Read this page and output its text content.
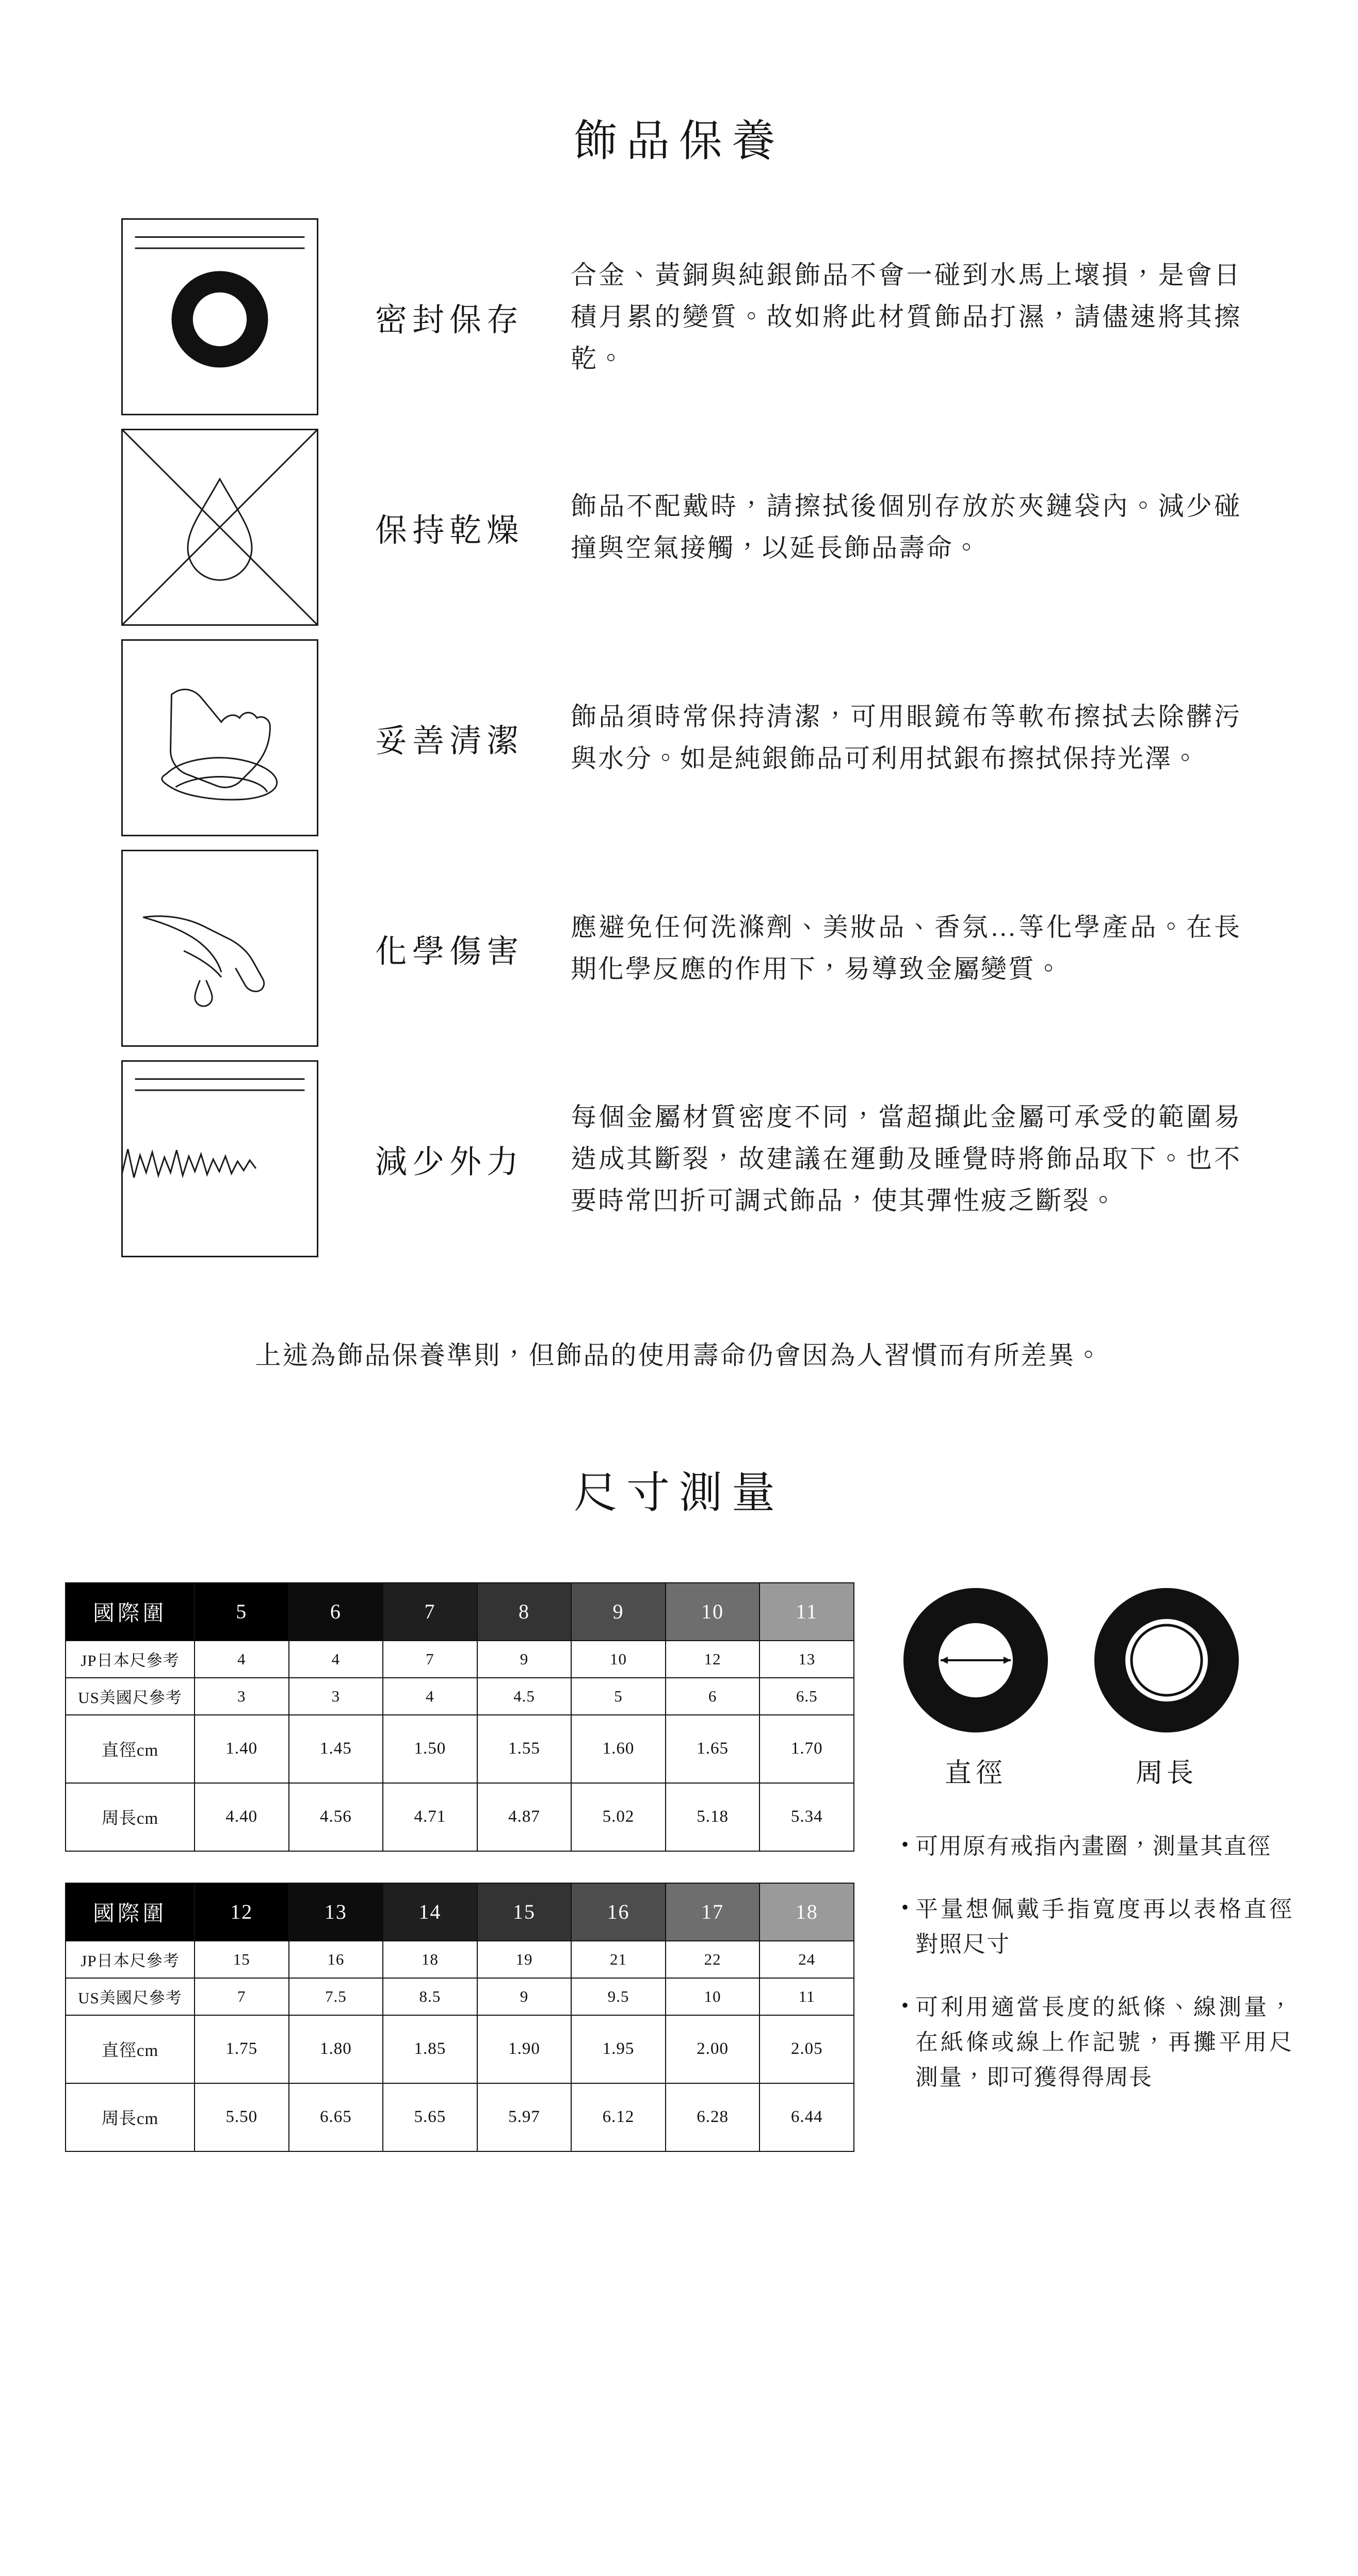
飾品保養
密封保存
合金、黃銅與純銀飾品不會一碰到水馬上壞損，是會日積月累的變質。故如將此材質飾品打濕，請儘速將其擦乾。
保持乾燥
飾品不配戴時，請擦拭後個別存放於夾鏈袋內。減少碰撞與空氣接觸，以延長飾品壽命。
妥善清潔
飾品須時常保持清潔，可用眼鏡布等軟布擦拭去除髒污與水分。如是純銀飾品可利用拭銀布擦拭保持光澤。
化學傷害
應避免任何洗滌劑、美妝品、香氛…等化學產品。在長期化學反應的作用下，易導致金屬變質。
減少外力
每個金屬材質密度不同，當超擷此金屬可承受的範圍易造成其斷裂，故建議在運動及睡覺時將飾品取下。也不要時常凹折可調式飾品，使其彈性疲乏斷裂。
上述為飾品保養準則，但飾品的使用壽命仍會因為人習慣而有所差異。
尺寸測量
國際圍	5	6	7	8	9	10	11
JP日本尺參考	4	4	7	9	10	12	13
US美國尺參考	3	3	4	4.5	5	6	6.5
直徑cm	1.40	1.45	1.50	1.55	1.60	1.65	1.70
周長cm	4.40	4.56	4.71	4.87	5.02	5.18	5.34
國際圍	12	13	14	15	16	17	18
JP日本尺參考	15	16	18	19	21	22	24
US美國尺參考	7	7.5	8.5	9	9.5	10	11
直徑cm	1.75	1.80	1.85	1.90	1.95	2.00	2.05
周長cm	5.50	6.65	5.65	5.97	6.12	6.28	6.44
直徑	周長
• 可用原有戒指內畫圈，測量其直徑
• 平量想佩戴手指寬度再以表格直徑對照尺寸
• 可利用適當長度的紙條、線測量，在紙條或線上作記號，再攤平用尺測量，即可獲得得周長
